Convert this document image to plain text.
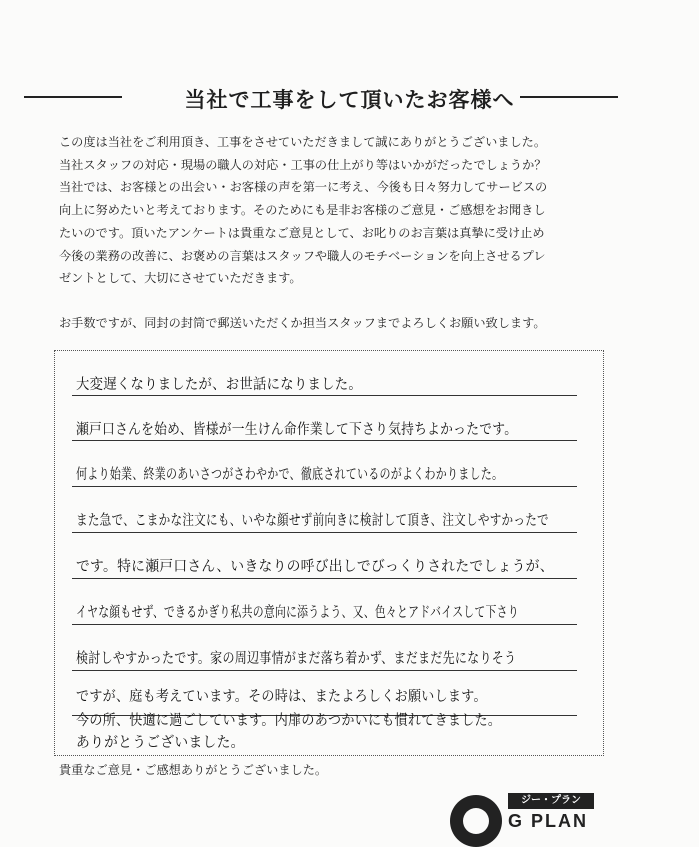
当社で工事をして頂いたお客様へ
この度は当社をご利用頂き、工事をさせていただきまして誠にありがとうございました。
当社スタッフの対応・現場の職人の対応・工事の仕上がり等はいかがだったでしょうか？
当社では、お客様との出会い・お客様の声を第一に考え、今後も日々努力してサービスの
向上に努めたいと考えております。そのためにも是非お客様のご意見・ご感想をお聞きし
たいのです。頂いたアンケートは貴重なご意見として、お叱りのお言葉は真摯に受け止め
今後の業務の改善に、お褒めの言葉はスタッフや職人のモチベーションを向上させるプレ
ゼントとして、大切にさせていただきます。
お手数ですが、同封の封筒で郵送いただくか担当スタッフまでよろしくお願い致します。
大変遅くなりましたが、お世話になりました。
瀬戸口さんを始め、皆様が一生けん命作業して下さり気持ちよかったです。
何より始業、終業のあいさつがさわやかで、徹底されているのがよくわかりました。
また急で、こまかな注文にも、いやな顔せず前向きに検討して頂き、注文しやすかったで
です。特に瀬戸口さん、いきなりの呼び出しでびっくりされたでしょうが、
イヤな顔もせず、できるかぎり私共の意向に添うよう、又、色々とアドバイスして下さり
検討しやすかったです。家の周辺事情がまだ落ち着かず、まだまだ先になりそう
ですが、庭も考えています。その時は、またよろしくお願いします。
今の所、快適に過ごしています。内扉のあつかいにも慣れてきました。
ありがとうございました。
貴重なご意見・ご感想ありがとうございました。
ジー・プラン
G PLAN
